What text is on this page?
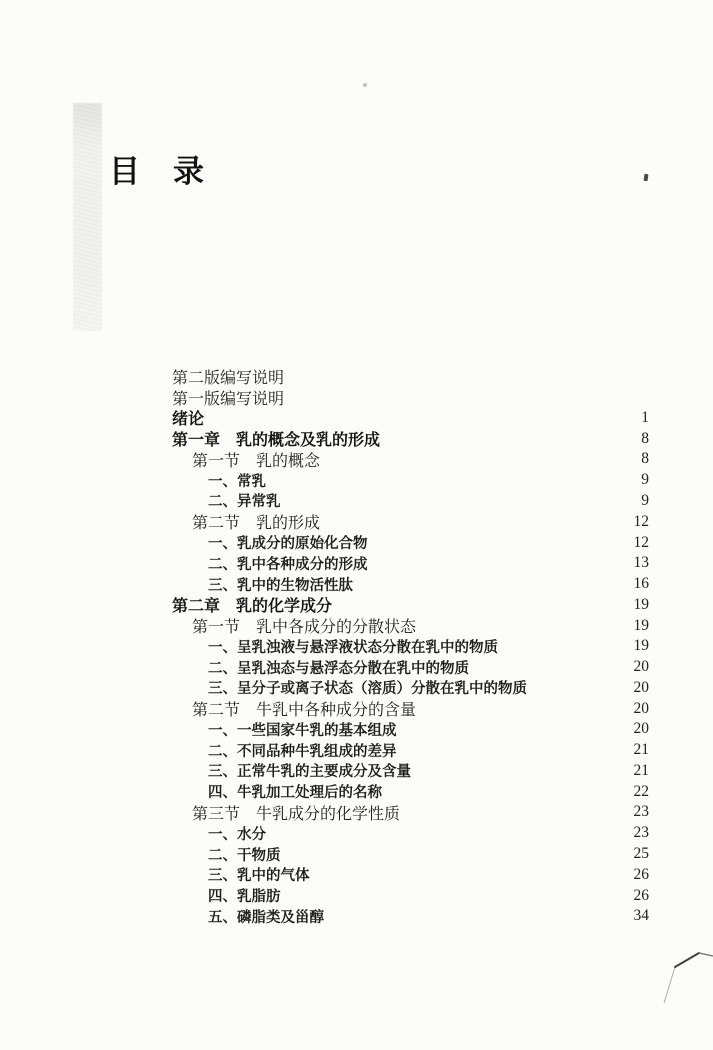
目　录
第二版编写说明
第一版编写说明
绪论	1
第一章　乳的概念及乳的形成	8
第一节　乳的概念	8
一、常乳	9
二、异常乳	9
第二节　乳的形成	12
一、乳成分的原始化合物	12
二、乳中各种成分的形成	13
三、乳中的生物活性肽	16
第二章　乳的化学成分	19
第一节　乳中各成分的分散状态	19
一、呈乳浊液与悬浮液状态分散在乳中的物质	19
二、呈乳浊态与悬浮态分散在乳中的物质	20
三、呈分子或离子状态（溶质）分散在乳中的物质	20
第二节　牛乳中各种成分的含量	20
一、一些国家牛乳的基本组成	20
二、不同品种牛乳组成的差异	21
三、正常牛乳的主要成分及含量	21
四、牛乳加工处理后的名称	22
第三节　牛乳成分的化学性质	23
一、水分	23
二、干物质	25
三、乳中的气体	26
四、乳脂肪	26
五、磷脂类及甾醇	34
